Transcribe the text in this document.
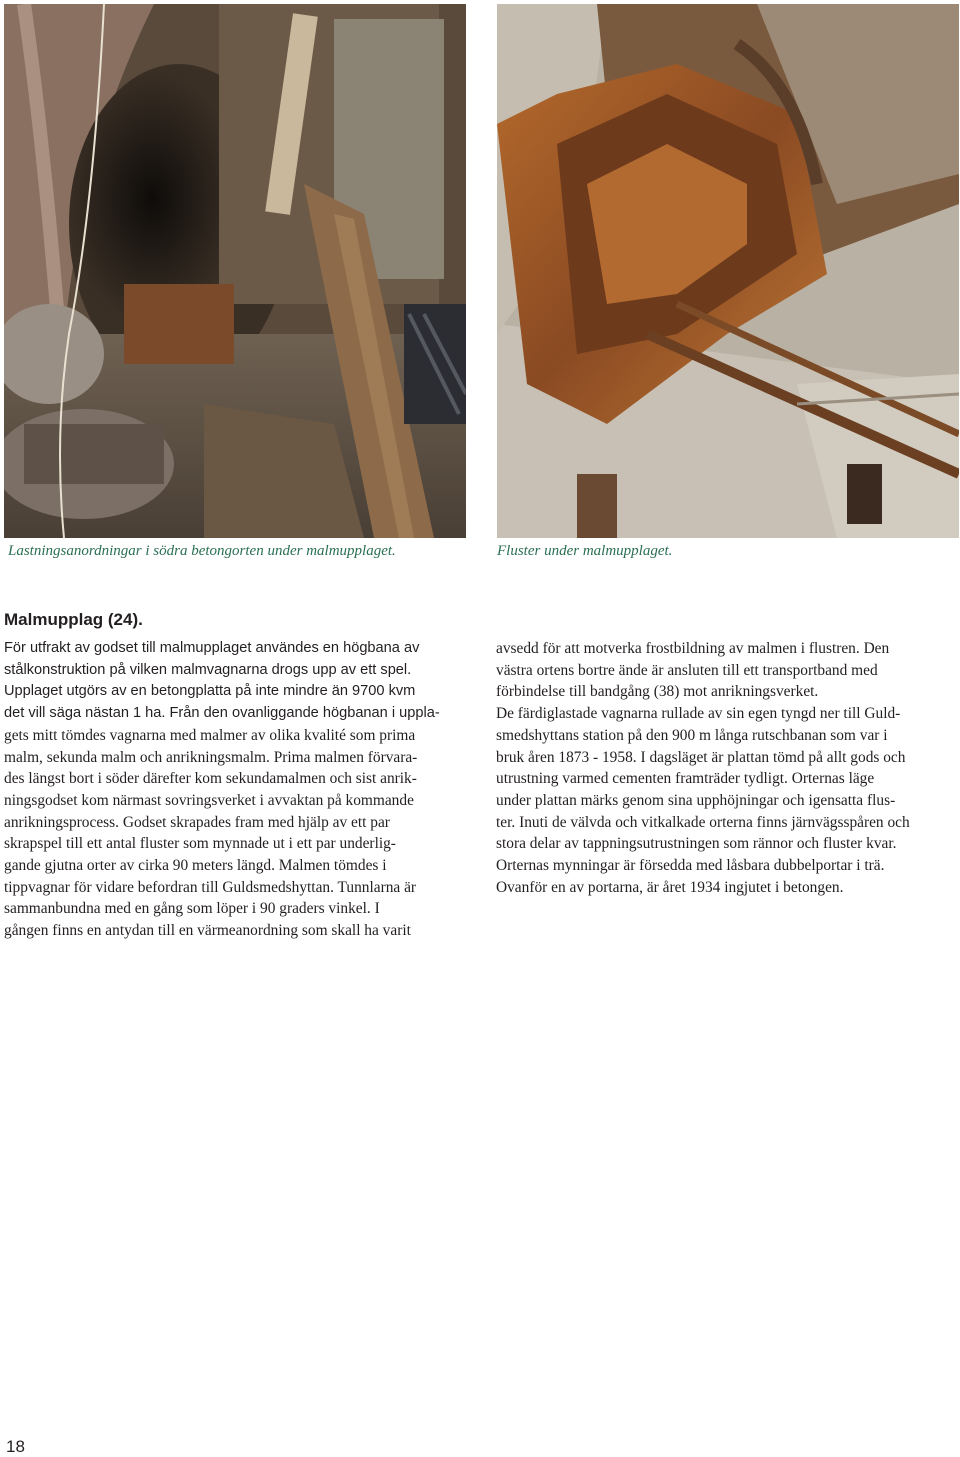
Lastningsanordningar i södra betongorten under malmupplaget.	Fluster under malmupplaget.
Malmupplag (24).
För utfrakt av godset till malmupplaget användes en högbana av
stålkonstruktion på vilken malmvagnarna drogs upp av ett spel.
Upplaget utgörs av en betongplatta på inte mindre än 9700 kvm
det vill säga nästan 1 ha. Från den ovanliggande högbanan i uppla-
gets mitt tömdes vagnarna med malmer av olika kvalité som prima
malm, sekunda malm och anrikningsmalm. Prima malmen förvara-
des längst bort i söder därefter kom sekundamalmen och sist anrik-
ningsgodset kom närmast sovringsverket i avvaktan på kommande
anrikningsprocess. Godset skrapades fram med hjälp av ett par
skrapspel till ett antal fluster som mynnade ut i ett par underlig-
gande gjutna orter av cirka 90 meters längd. Malmen tömdes i
tippvagnar för vidare befordran till Guldsmedshyttan. Tunnlarna är
sammanbundna med en gång som löper i 90 graders vinkel. I
gången finns en antydan till en värmeanordning som skall ha varit
avsedd för att motverka frostbildning av malmen i flustren. Den
västra ortens bortre ände är ansluten till ett transportband med
förbindelse till bandgång (38) mot anrikningsverket.
De färdiglastade vagnarna rullade av sin egen tyngd ner till Guld-
smedshyttans station på den 900 m långa rutschbanan som var i
bruk åren 1873 - 1958. I dagsläget är plattan tömd på allt gods och
utrustning varmed cementen framträder tydligt. Orternas läge
under plattan märks genom sina upphöjningar och igensatta flus-
ter. Inuti de välvda och vitkalkade orterna finns järnvägsspåren och
stora delar av tappningsutrustningen som rännor och fluster kvar.
Orternas mynningar är försedda med låsbara dubbelportar i trä.
Ovanför en av portarna, är året 1934 ingjutet i betongen.
18
